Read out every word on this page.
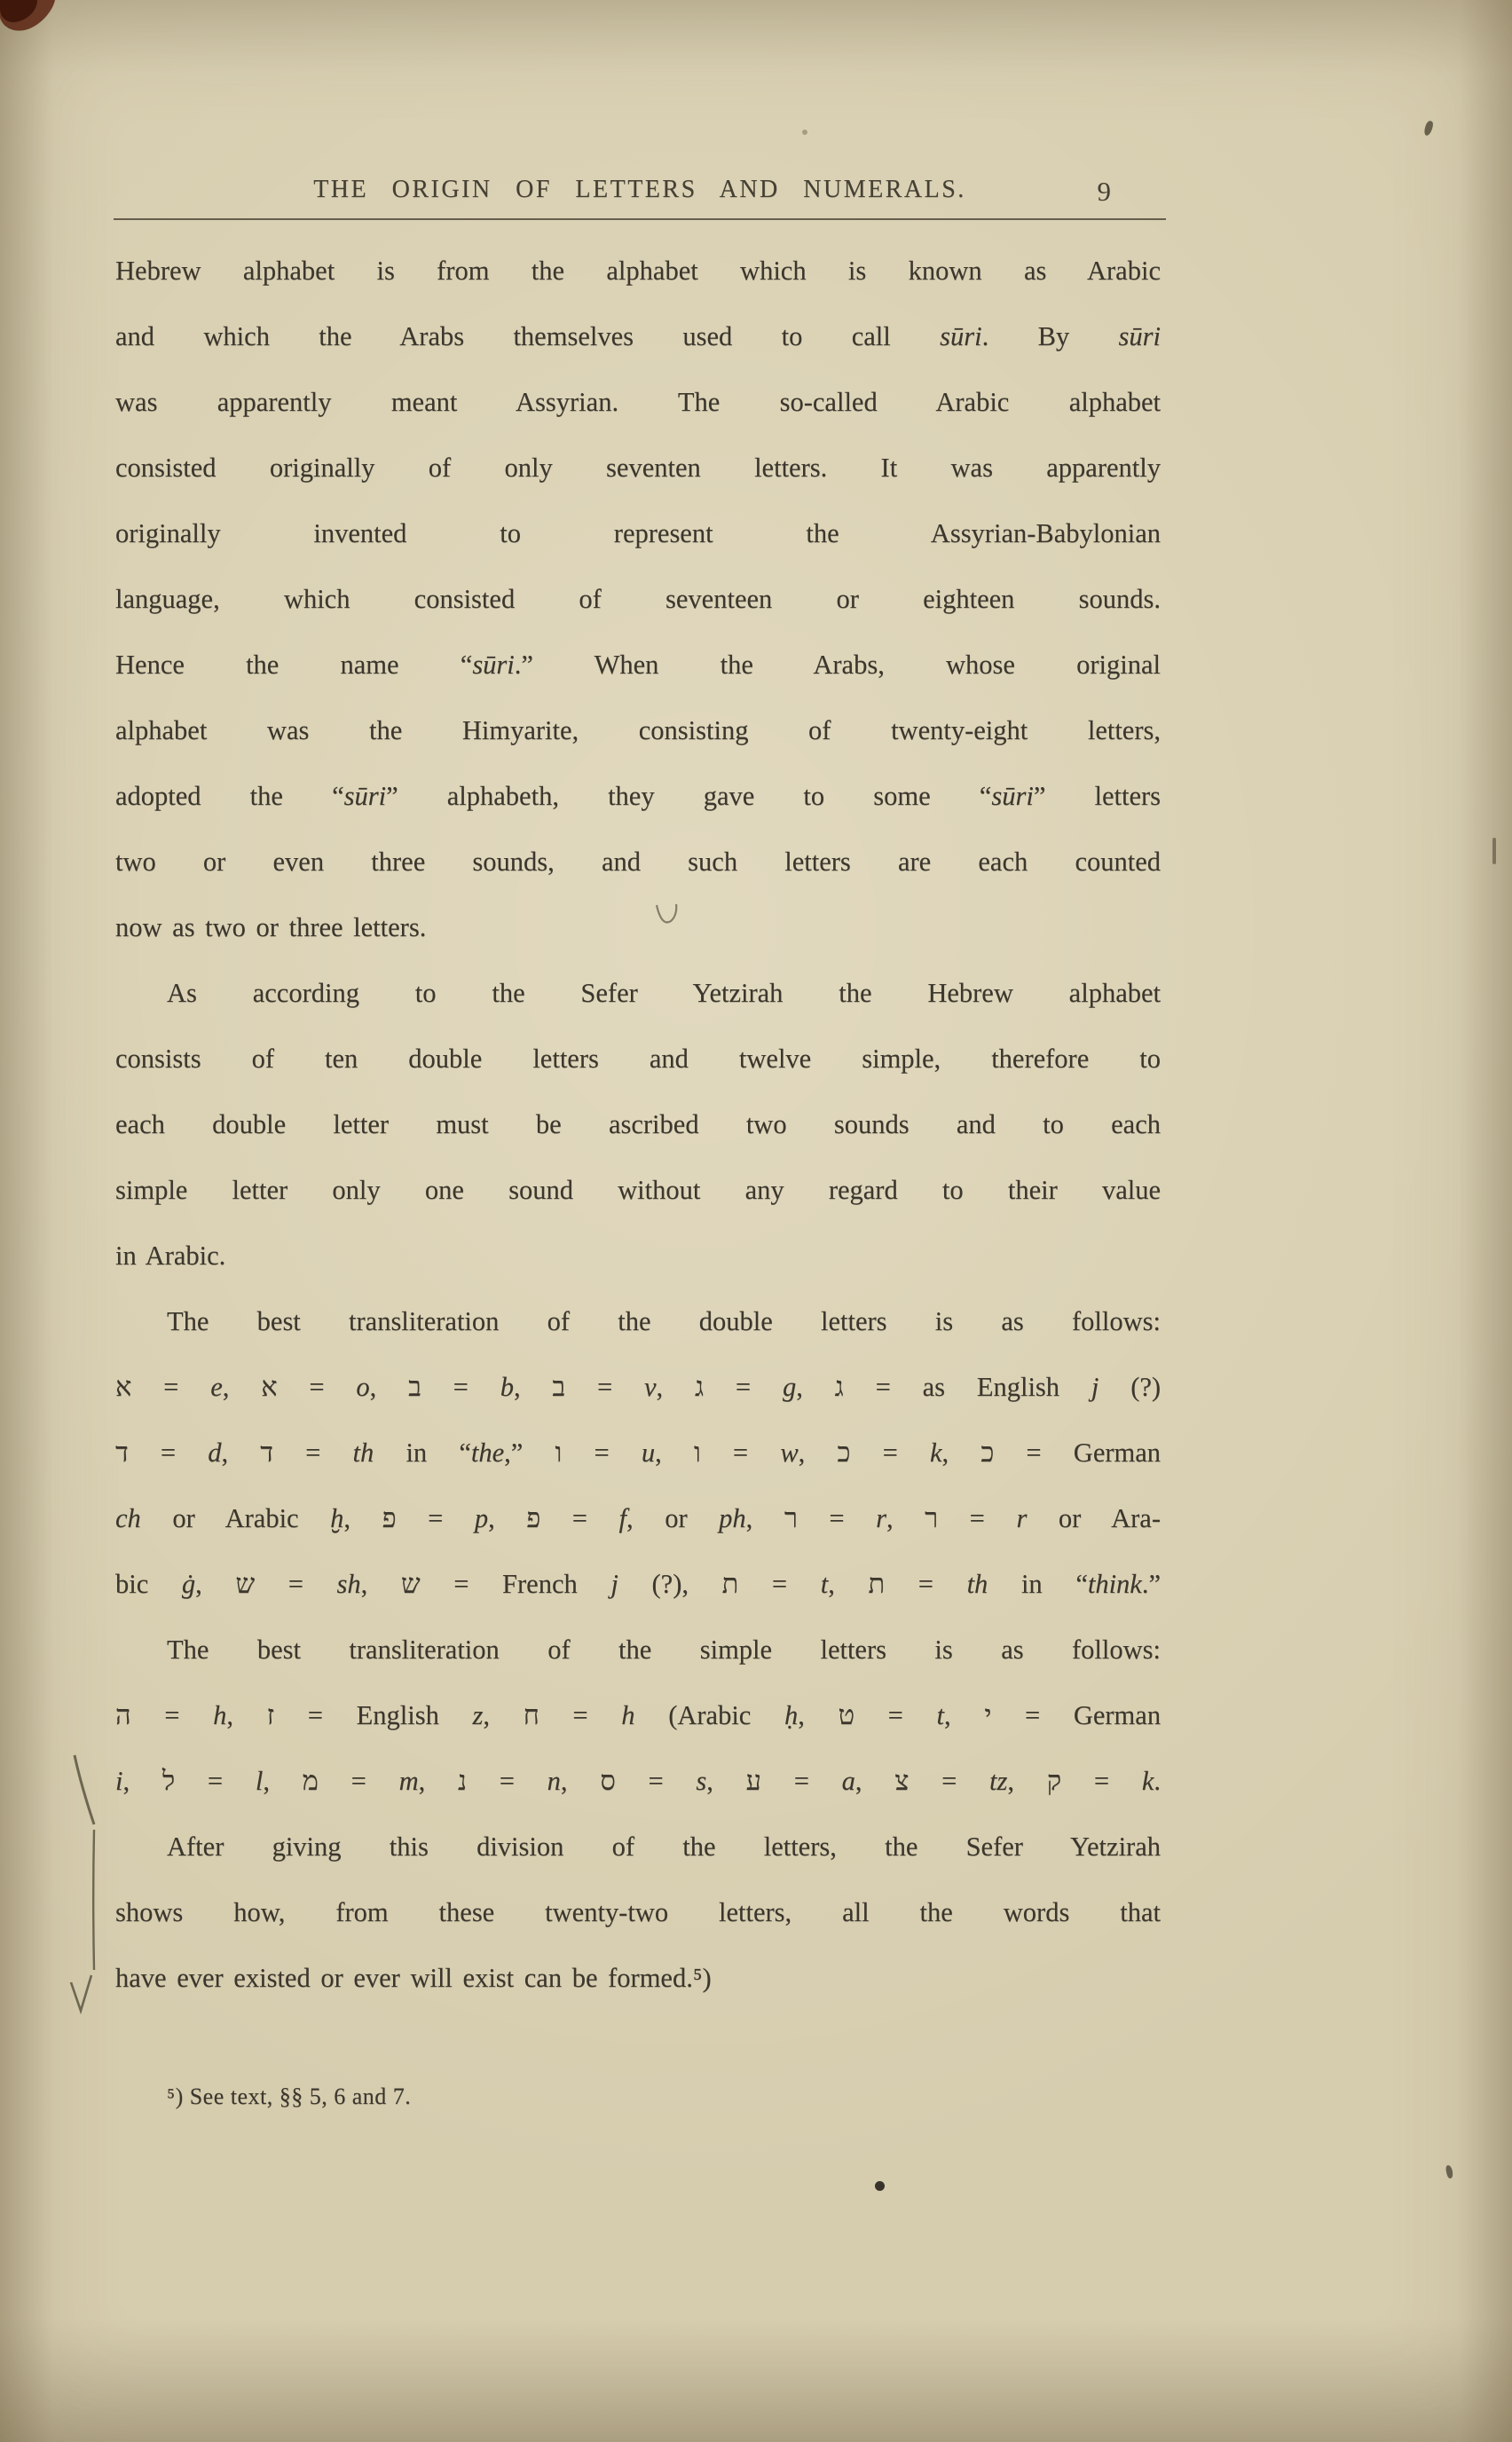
THE ORIGIN OF LETTERS AND NUMERALS.	9
Hebrew alphabet is from the alphabet which is known as Arabic
and which the Arabs themselves used to call sūri. By sūri
was apparently meant Assyrian. The so-called Arabic alphabet
consisted originally of only seventen letters. It was apparently
originally invented to represent the Assyrian-Babylonian
language, which consisted of seventeen or eighteen sounds.
Hence the name “sūri.” When the Arabs, whose original
alphabet was the Himyarite, consisting of twenty-eight letters,
adopted the “sūri” alphabeth, they gave to some “sūri” letters
two or even three sounds, and such letters are each counted
now as two or three letters.
As according to the Sefer Yetzirah the Hebrew alphabet
consists of ten double letters and twelve simple, therefore to
each double letter must be ascribed two sounds and to each
simple letter only one sound without any regard to their value
in Arabic.
The best transliteration of the double letters is as follows:
א = e, א = o, ב = b, ב = v, ג = g, ג = as English j (?)
ד = d, ד = th in “the,” ו = u, ו = w, כ = k, כ = German
ch or Arabic ḫ, פ = p, פ = f, or ph, ר = r, ר = r or Ara-
bic ġ, ש = sh, ש = French j (?), ת = t, ת = th in “think.”
The best transliteration of the simple letters is as follows:
ה = h, ז = English z, ח = h (Arabic ḥ, ט = t, י = German
i, ל = l, מ = m, נ = n, ס = s, ע = a, צ = tz, ק = k.
After giving this division of the letters, the Sefer Yetzirah
shows how, from these twenty-two letters, all the words that
have ever existed or ever will exist can be formed.⁵)
⁵) See text, §§ 5, 6 and 7.
